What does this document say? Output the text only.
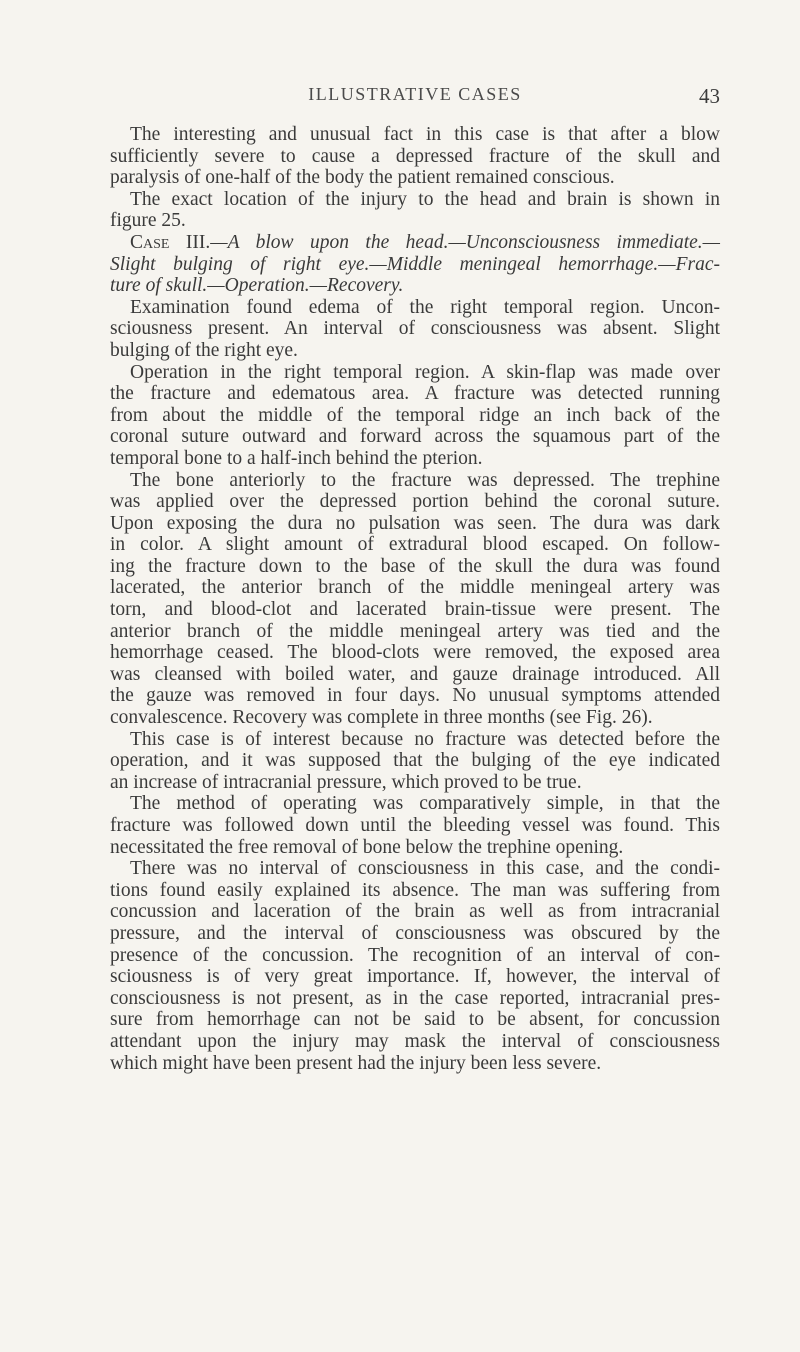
ILLUSTRATIVE CASES	43
The interesting and unusual fact in this case is that after a blow
sufficiently severe to cause a depressed fracture of the skull and
paralysis of one-half of the body the patient remained conscious.
The exact location of the injury to the head and brain is shown in
figure 25.
Case III.—A blow upon the head.—Unconsciousness immediate.—
Slight bulging of right eye.—Middle meningeal hemorrhage.—Frac-
ture of skull.—Operation.—Recovery.
Examination found edema of the right temporal region. Uncon-
sciousness present. An interval of consciousness was absent. Slight
bulging of the right eye.
Operation in the right temporal region. A skin-flap was made over
the fracture and edematous area. A fracture was detected running
from about the middle of the temporal ridge an inch back of the
coronal suture outward and forward across the squamous part of the
temporal bone to a half-inch behind the pterion.
The bone anteriorly to the fracture was depressed. The trephine
was applied over the depressed portion behind the coronal suture.
Upon exposing the dura no pulsation was seen. The dura was dark
in color. A slight amount of extradural blood escaped. On follow-
ing the fracture down to the base of the skull the dura was found
lacerated, the anterior branch of the middle meningeal artery was
torn, and blood-clot and lacerated brain-tissue were present. The
anterior branch of the middle meningeal artery was tied and the
hemorrhage ceased. The blood-clots were removed, the exposed area
was cleansed with boiled water, and gauze drainage introduced. All
the gauze was removed in four days. No unusual symptoms attended
convalescence. Recovery was complete in three months (see Fig. 26).
This case is of interest because no fracture was detected before the
operation, and it was supposed that the bulging of the eye indicated
an increase of intracranial pressure, which proved to be true.
The method of operating was comparatively simple, in that the
fracture was followed down until the bleeding vessel was found. This
necessitated the free removal of bone below the trephine opening.
There was no interval of consciousness in this case, and the condi-
tions found easily explained its absence. The man was suffering from
concussion and laceration of the brain as well as from intracranial
pressure, and the interval of consciousness was obscured by the
presence of the concussion. The recognition of an interval of con-
sciousness is of very great importance. If, however, the interval of
consciousness is not present, as in the case reported, intracranial pres-
sure from hemorrhage can not be said to be absent, for concussion
attendant upon the injury may mask the interval of consciousness
which might have been present had the injury been less severe.
